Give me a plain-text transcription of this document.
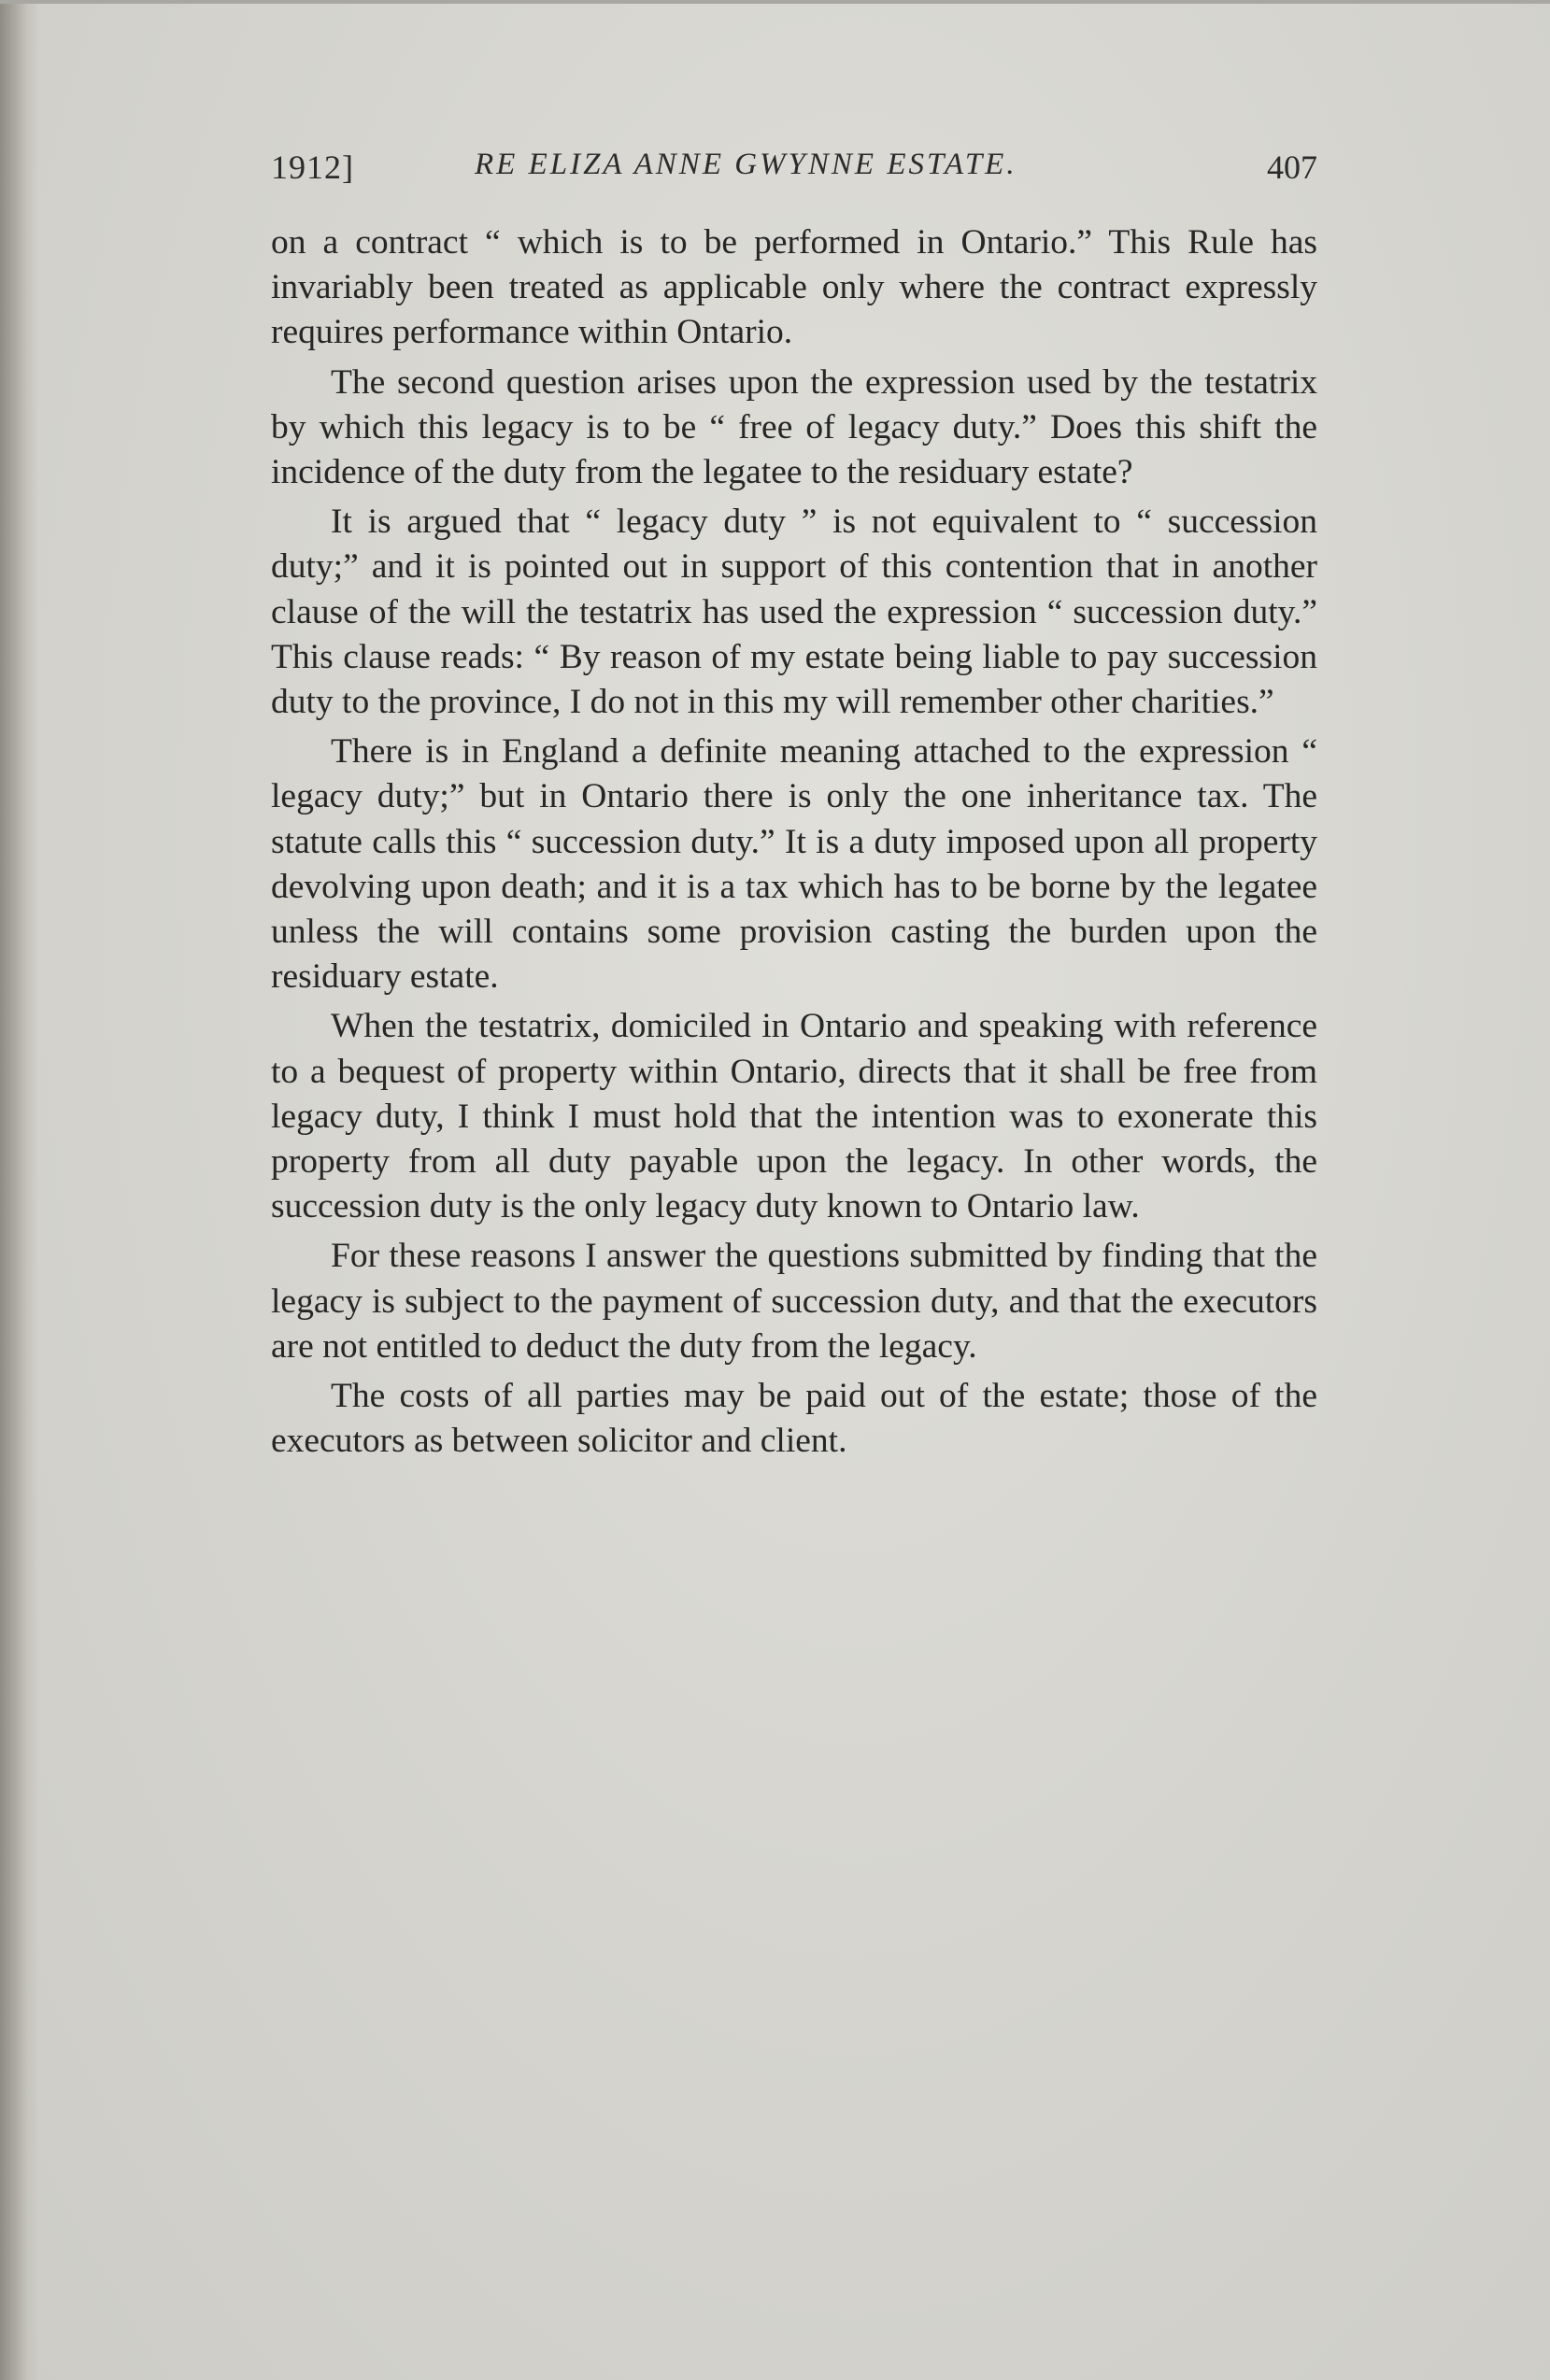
1912]	RE ELIZA ANNE GWYNNE ESTATE.	407

on a contract “ which is to be performed in Ontario.” This Rule has invariably been treated as applicable only where the contract expressly requires performance within Ontario.

The second question arises upon the expression used by the testatrix by which this legacy is to be “ free of legacy duty.” Does this shift the incidence of the duty from the legatee to the residuary estate?

It is argued that “ legacy duty ” is not equivalent to “ succession duty;” and it is pointed out in support of this contention that in another clause of the will the testatrix has used the expression “ succession duty.” This clause reads: “ By reason of my estate being liable to pay succession duty to the province, I do not in this my will remember other charities.”

There is in England a definite meaning attached to the expression “ legacy duty;” but in Ontario there is only the one inheritance tax. The statute calls this “ succession duty.” It is a duty imposed upon all property devolving upon death; and it is a tax which has to be borne by the legatee unless the will contains some provision casting the burden upon the residuary estate.

When the testatrix, domiciled in Ontario and speaking with reference to a bequest of property within Ontario, directs that it shall be free from legacy duty, I think I must hold that the intention was to exonerate this property from all duty payable upon the legacy. In other words, the succession duty is the only legacy duty known to Ontario law.

For these reasons I answer the questions submitted by finding that the legacy is subject to the payment of succession duty, and that the executors are not entitled to deduct the duty from the legacy.

The costs of all parties may be paid out of the estate; those of the executors as between solicitor and client.
